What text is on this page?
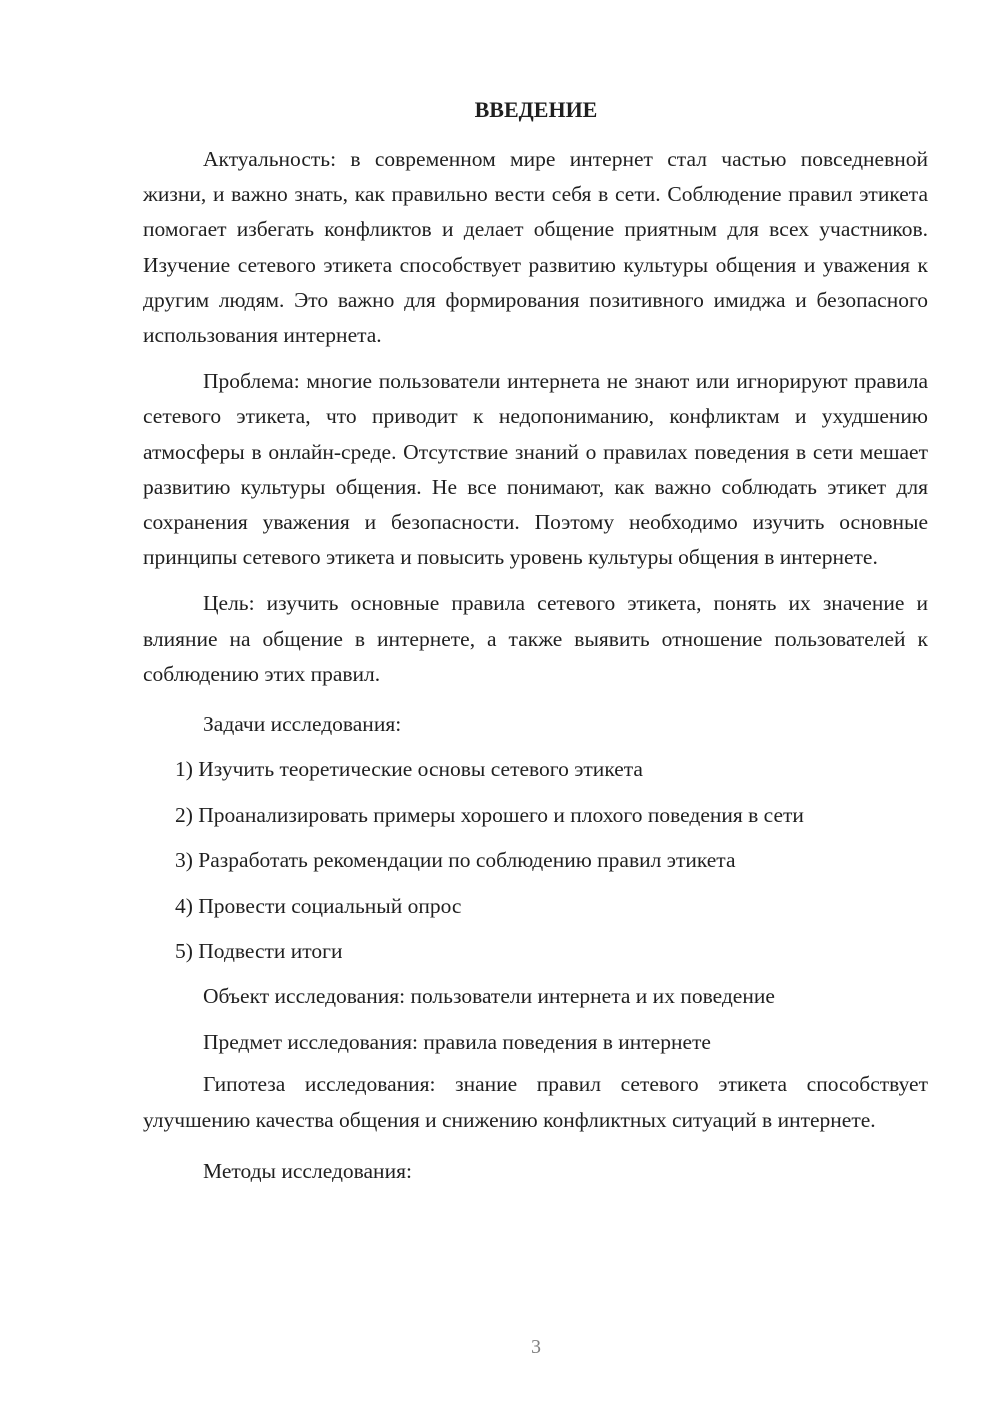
ВВЕДЕНИЕ

Актуальность: в современном мире интернет стал частью повседневной жизни, и важно знать, как правильно вести себя в сети. Соблюдение правил этикета помогает избегать конфликтов и делает общение приятным для всех участников. Изучение сетевого этикета способствует развитию культуры общения и уважения к другим людям. Это важно для формирования позитивного имиджа и безопасного использования интернета.

Проблема: многие пользователи интернета не знают или игнорируют правила сетевого этикета, что приводит к недопониманию, конфликтам и ухудшению атмосферы в онлайн-среде. Отсутствие знаний о правилах поведения в сети мешает развитию культуры общения. Не все понимают, как важно соблюдать этикет для сохранения уважения и безопасности. Поэтому необходимо изучить основные принципы сетевого этикета и повысить уровень культуры общения в интернете.

Цель: изучить основные правила сетевого этикета, понять их значение и влияние на общение в интернете, а также выявить отношение пользователей к соблюдению этих правил.

Задачи исследования:

1) Изучить теоретические основы сетевого этикета

2) Проанализировать примеры хорошего и плохого поведения в сети

3) Разработать рекомендации по соблюдению правил этикета

4) Провести социальный опрос

5) Подвести итоги

Объект исследования: пользователи интернета и их поведение

Предмет исследования: правила поведения в интернете

Гипотеза исследования: знание правил сетевого этикета способствует улучшению качества общения и снижению конфликтных ситуаций в интернете.

Методы исследования:

3
